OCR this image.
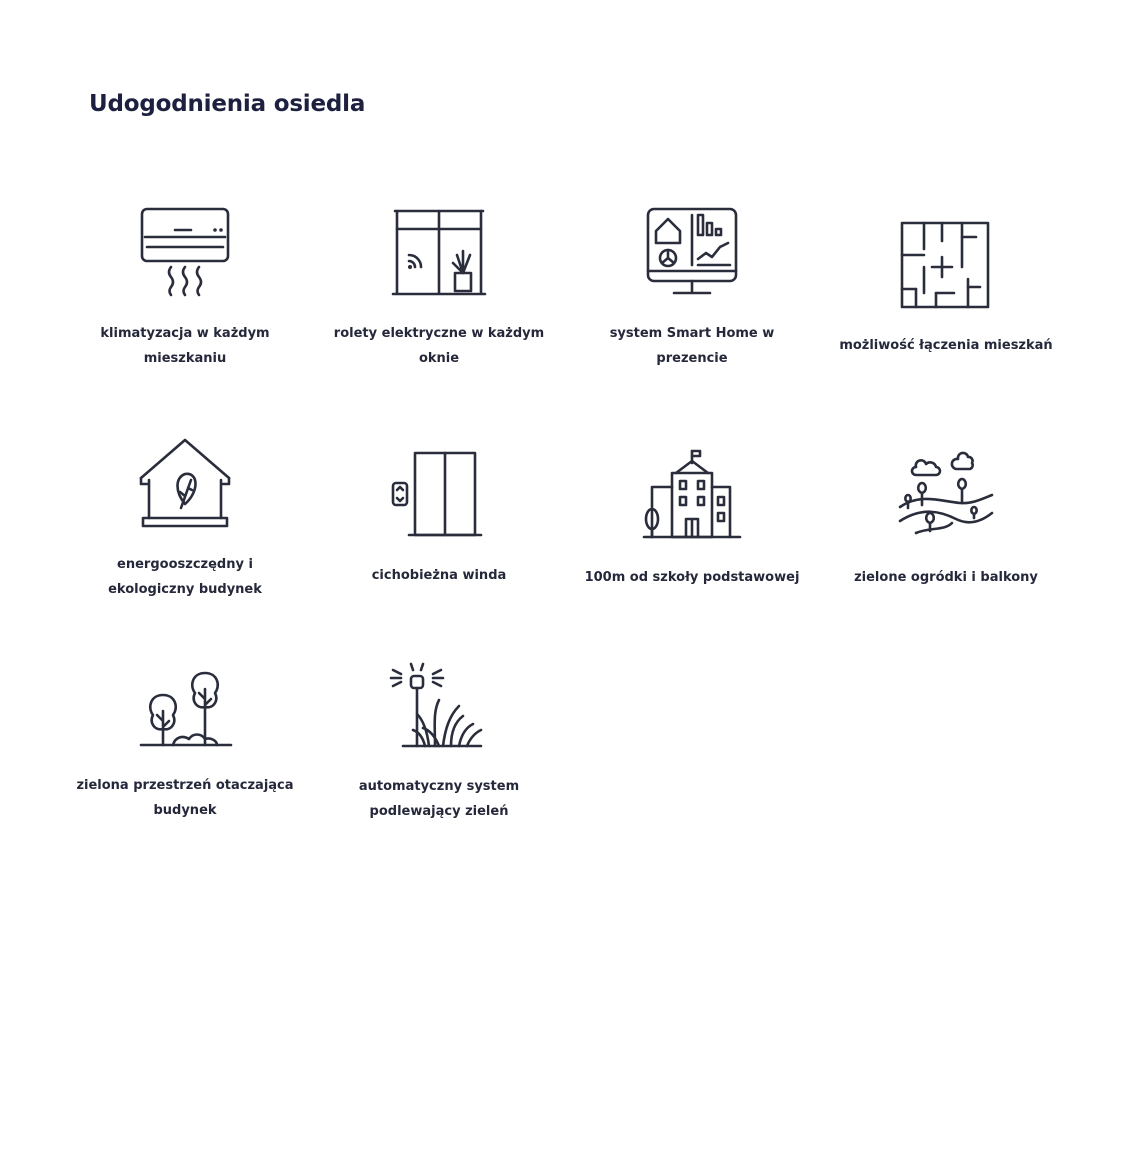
Udogodnienia osiedla
klimatyzacja w każdym mieszkaniu
rolety elektryczne w każdym oknie
system Smart Home w prezencie
możliwość łączenia mieszkań
energooszczędny i ekologiczny budynek
cichobieżna winda	100m od szkoły podstawowej	zielone ogródki i balkony
zielona przestrzeń otaczająca budynek
automatyczny system podlewający zieleń
